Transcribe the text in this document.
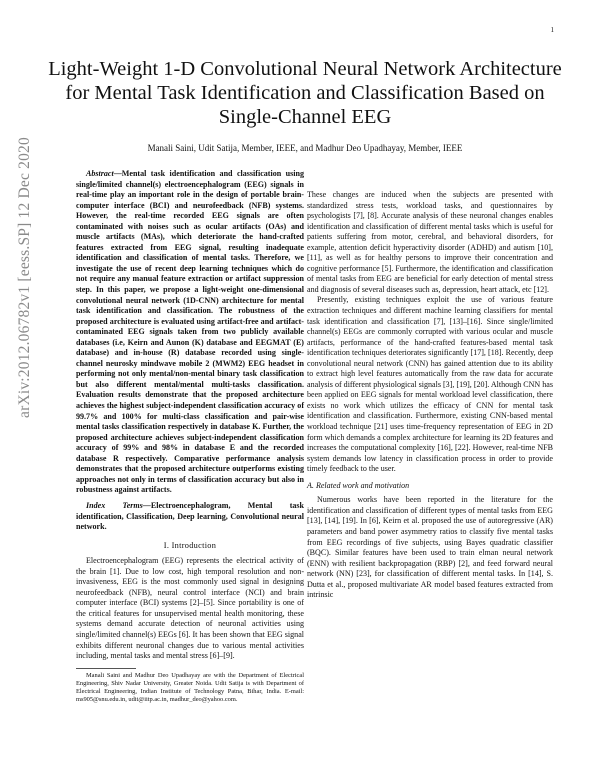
1
arXiv:2012.06782v1 [eess.SP] 12 Dec 2020
Light-Weight 1-D Convolutional Neural Network Architecture for Mental Task Identification and Classification Based on Single-Channel EEG
Manali Saini, Udit Satija, Member, IEEE, and Madhur Deo Upadhayay, Member, IEEE

Abstract—Mental task identification and classification using single/limited channel(s) electroencephalogram (EEG) signals in real-time play an important role in the design of portable brain-computer interface (BCI) and neurofeedback (NFB) systems. However, the real-time recorded EEG signals are often contaminated with noises such as ocular artifacts (OAs) and muscle artifacts (MAs), which deteriorate the hand-crafted features extracted from EEG signal, resulting inadequate identification and classification of mental tasks. Therefore, we investigate the use of recent deep learning techniques which do not require any manual feature extraction or artifact suppression step. In this paper, we propose a light-weight one-dimensional convolutional neural network (1D-CNN) architecture for mental task identification and classification. The robustness of the proposed architecture is evaluated using artifact-free and artifact-contaminated EEG signals taken from two publicly available databases (i.e, Keirn and Aunon (K) database and EEGMAT (E) database) and in-house (R) database recorded using single-channel neurosky mindwave mobile 2 (MWM2) EEG headset in performing not only mental/non-mental binary task classification but also different mental/mental multi-tasks classification. Evaluation results demonstrate that the proposed architecture achieves the highest subject-independent classification accuracy of 99.7% and 100% for multi-class classification and pair-wise mental tasks classification respectively in database K. Further, the proposed architecture achieves subject-independent classification accuracy of 99% and 98% in database E and the recorded database R respectively. Comparative performance analysis demonstrates that the proposed architecture outperforms existing approaches not only in terms of classification accuracy but also in robustness against artifacts.

Index Terms—Electroencephalogram, Mental task identification, Classification, Deep learning, Convolutional neural network.

I. Introduction

Electroencephalogram (EEG) represents the electrical activity of the brain [1]. Due to low cost, high temporal resolution and non-invasiveness, EEG is the most commonly used signal in designing neurofeedback (NFB), neural control interface (NCI) and brain computer interface (BCI) systems [2]–[5]. Since portability is one of the critical features for unsupervised mental health monitoring, these systems demand accurate detection of neuronal activities using single/limited channel(s) EEGs [6]. It has been shown that EEG signal exhibits different neuronal changes due to various mental activities including, mental tasks and mental stress [6]–[9].

Manali Saini and Madhur Deo Upadhayay are with the Department of Electrical Engineering, Shiv Nadar University, Greater Noida. Udit Satija is with Department of Electrical Engineering, Indian Institute of Technology Patna, Bihar, India. E-mail: ms905@snu.edu.in, udit@iitp.ac.in, madhur_deo@yahoo.com.

These changes are induced when the subjects are presented with standardized stress tests, workload tasks, and questionnaires by psychologists [7], [8]. Accurate analysis of these neuronal changes enables identification and classification of different mental tasks which is useful for patients suffering from motor, cerebral, and behavioral disorders, for example, attention deficit hyperactivity disorder (ADHD) and autism [10], [11], as well as for healthy persons to improve their concentration and cognitive performance [5]. Furthermore, the identification and classification of mental tasks from EEG are beneficial for early detection of mental stress and diagnosis of several diseases such as, depression, heart attack, etc [12].

Presently, existing techniques exploit the use of various feature extraction techniques and different machine learning classifiers for mental task identification and classification [7], [13]–[16]. Since single/limited channel(s) EEGs are commonly corrupted with various ocular and muscle artifacts, performance of the hand-crafted features-based mental task identification techniques deteriorates significantly [17], [18]. Recently, deep convolutional neural network (CNN) has gained attention due to its ability to extract high level features automatically from the raw data for accurate analysis of different physiological signals [3], [19], [20]. Although CNN has been applied on EEG signals for mental workload level classification, there exists no work which utilizes the efficacy of CNN for mental task identification and classification. Furthermore, existing CNN-based mental workload technique [21] uses time-frequency representation of EEG in 2D form which demands a complex architecture for learning its 2D features and increases the computational complexity [16], [22]. However, real-time NFB system demands low latency in classification process in order to provide timely feedback to the user.

A. Related work and motivation

Numerous works have been reported in the literature for the identification and classification of different types of mental tasks from EEG [13], [14], [19]. In [6], Keirn et al. proposed the use of autoregressive (AR) parameters and band power asymmetry ratios to classify five mental tasks from EEG recordings of five subjects, using Bayes quadratic classifier (BQC). Similar features have been used to train elman neural network (ENN) with resilient backpropagation (RBP) [2], and feed forward neural network (NN) [23], for classification of different mental tasks. In [14], S. Dutta et al., proposed multivariate AR model based features extracted from intrinsic
